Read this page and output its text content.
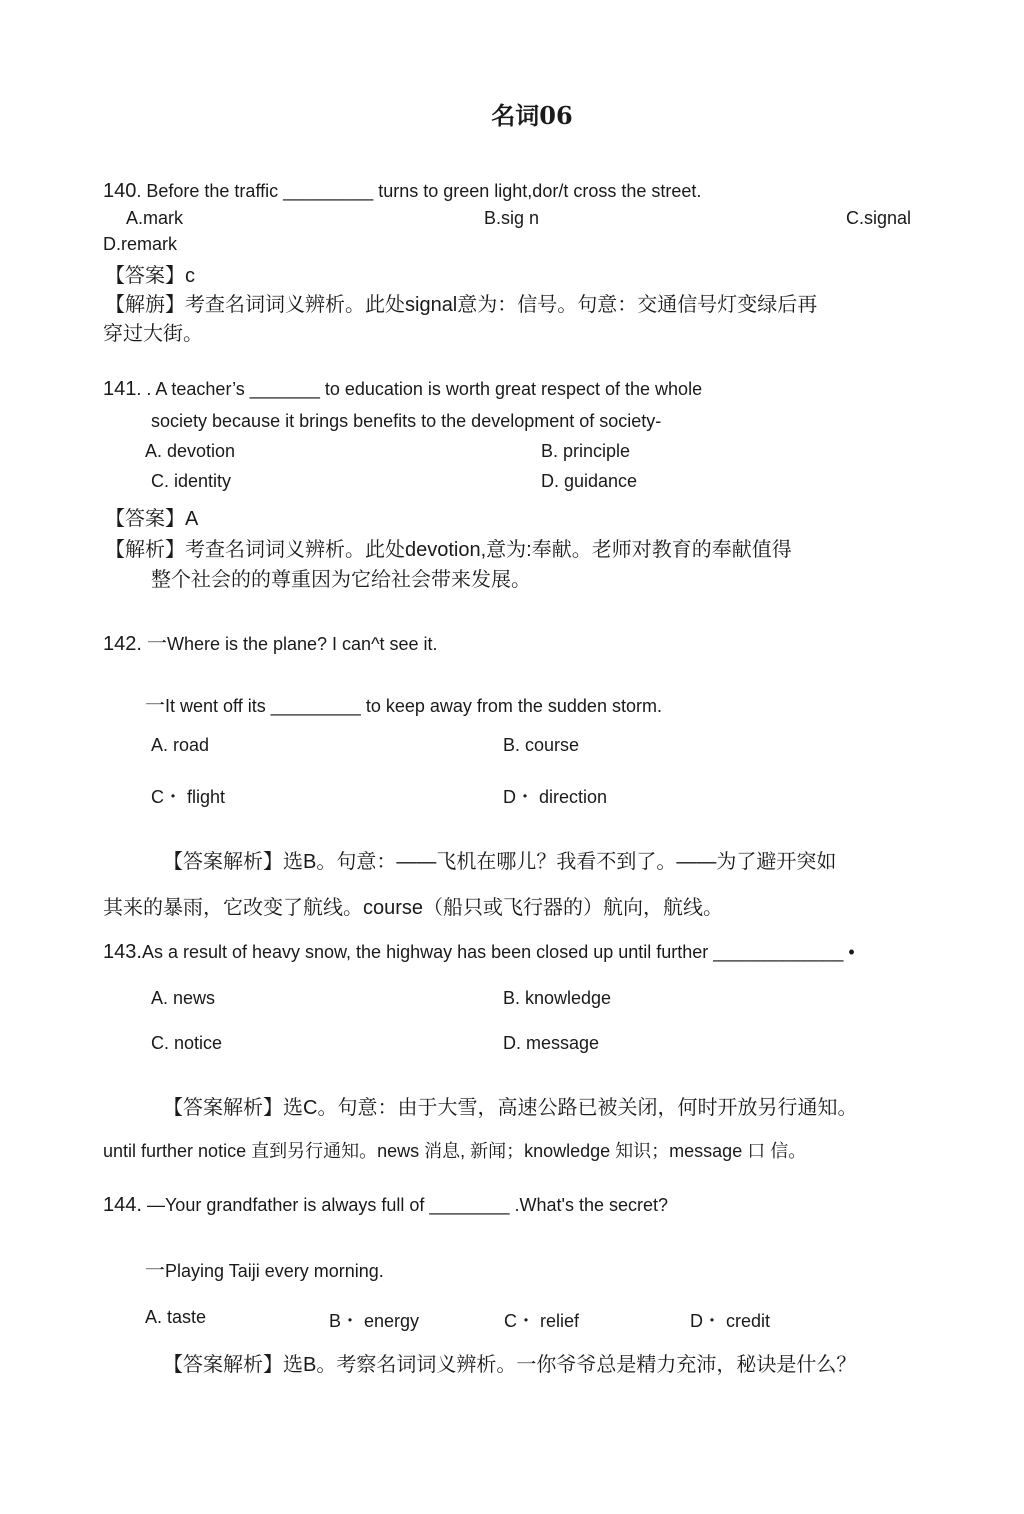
名词06
140. Before the traffic _________ turns to green light,dor/t cross the street.
A.mark	B.sig n	C.signal
D.remark
【答案】c
【解旃】考查名词词义辨析。此处signal意为：信号。句意：交通信号灯变绿后再
穿过大街。
141. . A teacher’s _______ to education is worth great respect of the whole
society because it brings benefits to the development of society-
A. devotion	B. principle
C. identity	D. guidance
【答案】A
【解析】考查名词词义辨析。此处devotion,意为:奉献。老师对教育的奉献值得
整个社会的的尊重因为它给社会带来发展。
142. 一Where is the plane? I can^t see it.
一It went off its _________ to keep away from the sudden storm.
A. road	B. course
C・ flight	D・ direction
【答案解析】选B。句意：——飞机在哪儿？我看不到了。——为了避开突如
其来的暴雨，它改变了航线。course（船只或飞行器的）航向，航线。
143.As a result of heavy snow, the highway has been closed up until further _____________ •
A. news	B. knowledge
C. notice	D. message
【答案解析】选C。句意：由于大雪，高速公路已被关闭，何时开放另行通知。
until further notice 直到另行通知。news 消息, 新闻；knowledge 知识；message 口 信。
144. —Your grandfather is always full of ________ .What's the secret?
一Playing Taiji every morning.
A. taste	B・ energy	C・ relief	D・ credit
【答案解析】选B。考察名词词义辨析。一你爷爷总是精力充沛，秘诀是什么？
